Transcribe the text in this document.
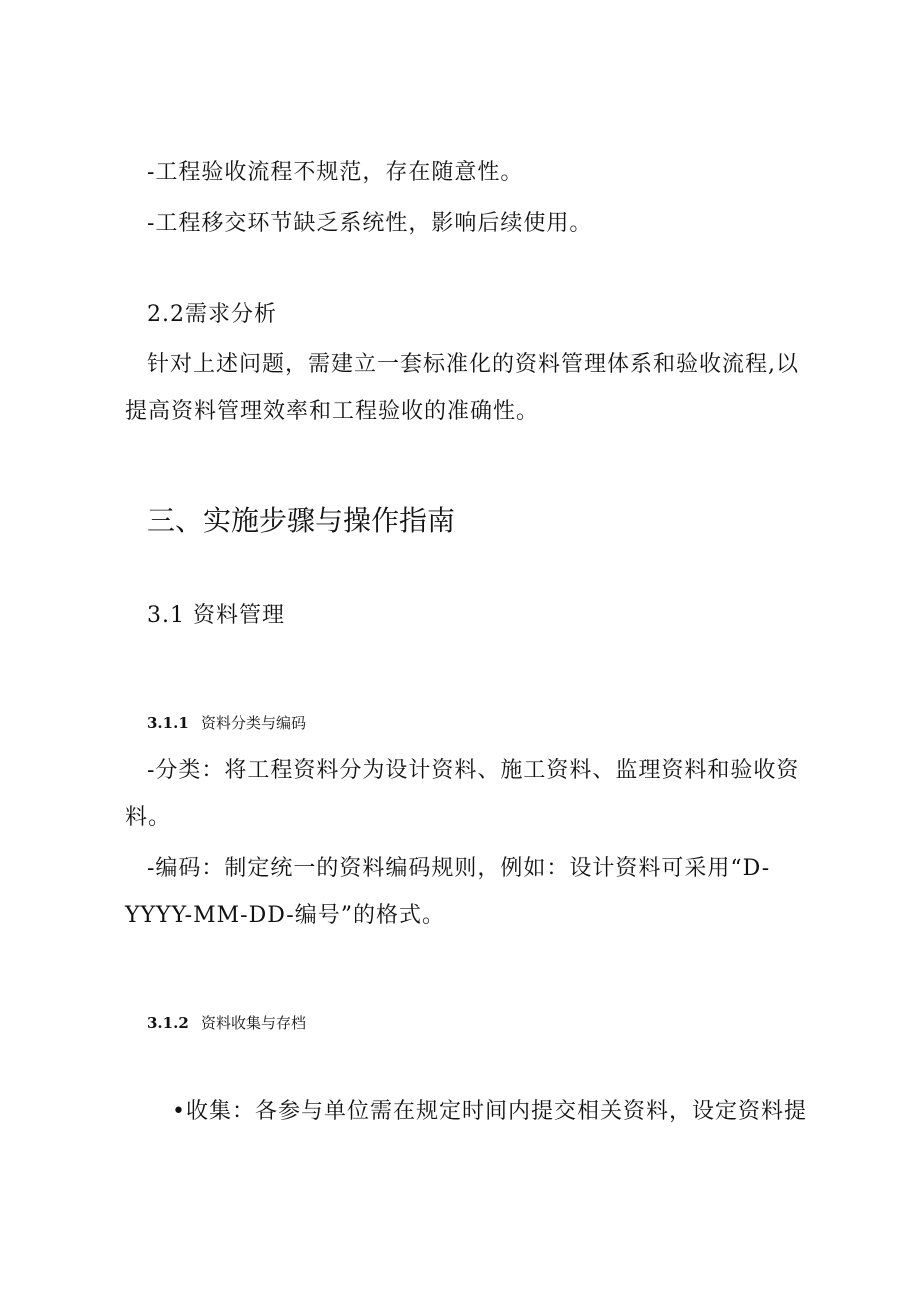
-工程验收流程不规范，存在随意性。
-工程移交环节缺乏系统性，影响后续使用。
2.2需求分析
针对上述问题，需建立一套标准化的资料管理体系和验收流程,以
提高资料管理效率和工程验收的准确性。
三、实施步骤与操作指南
3.1 资料管理
3.1.1 资料分类与编码
-分类：将工程资料分为设计资料、施工资料、监理资料和验收资
料。
-编码：制定统一的资料编码规则，例如：设计资料可采用“D-
YYYY-MM-DD-编号”的格式。
3.1.2 资料收集与存档
•收集：各参与单位需在规定时间内提交相关资料，设定资料提
